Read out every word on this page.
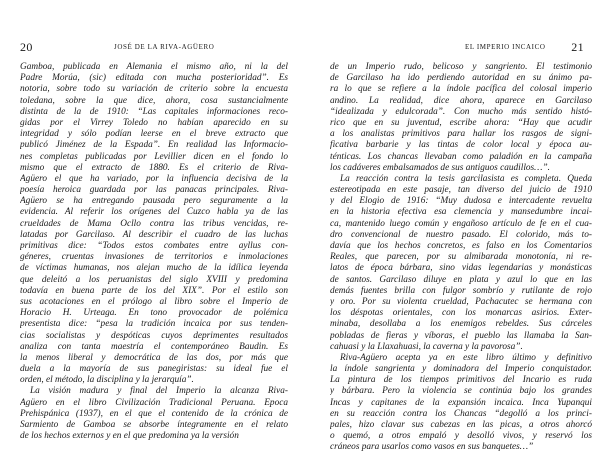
20	JOSÉ DE LA RIVA-AGÜERO
Gamboa, publicada en Alemania el mismo año, ni la del
Padre Morúa, (sic) editada con mucha posterioridad”. Es
notoria, sobre todo su variación de criterio sobre la encuesta
toledana, sobre la que dice, ahora, cosa sustancialmente
distinta de la de 1910: “Las capitales informaciones reco-
gidas por el Virrey Toledo no habían aparecido en su
integridad y sólo podían leerse en el breve extracto que
publicó Jiménez de la Espada”. En realidad las Informacio-
nes completas publicadas por Levillier dicen en el fondo lo
mismo que el extracto de 1880. Es el criterio de Riva-
Agüero el que ha variado, por la influencia decisiva de la
poesía heroica guardada por las panacas principales. Riva-
Agüero se ha entregando pausada pero seguramente a la
evidencia. Al referir los orígenes del Cuzco habla ya de las
crueldades de Mama Ocllo contra las tribus vencidas, re-
latadas por Garcilaso. Al describir el cuadro de las luchas
primitivas dice: “Todos estos combates entre ayllus con-
géneres, cruentas invasiones de territorios e inmolaciones
de víctimas humanas, nos alejan mucho de la idílica leyenda
que deleitó a los peruanistas del siglo XVIII y predomina
todavía en buena parte de los del XIX”. Por el estilo son
sus acotaciones en el prólogo al libro sobre el Imperio de
Horacio H. Urteaga. En tono provocador de polémica
presentista dice: “pesa la tradición incaica por sus tenden-
cias socialistas y despóticas cuyos deprimentes resultados
analiza con tanta maestría el contemporáneo Baudin. Es
la menos liberal y democrática de las dos, por más que
duela a la mayoría de sus panegiristas: su ideal fue el
orden, el método, la disciplina y la jerarquía”.
La visión madura y final del Imperio la alcanza Riva-
Agüero en el libro Civilización Tradicional Peruana. Epoca
Prehispánica (1937), en el que el contenido de la crónica de
Sarmiento de Gamboa se absorbe íntegramente en el relato
de los hechos externos y en el que predomina ya la versión
EL IMPERIO INCAICO 21
de un Imperio rudo, belicoso y sangriento. El testimonio
de Garcilaso ha ido perdiendo autoridad en su ánimo pa-
ra lo que se refiere a la índole pacífica del colosal imperio
andino. La realidad, dice ahora, aparece en Garcilaso
“idealizada y edulcorada”. Con mucho más sentido histó-
rico que en su juventud, escribe ahora: “Hay que acudir
a los analistas primitivos para hallar los rasgos de signi-
ficativa barbarie y las tintas de color local y época au-
ténticas. Los chancas llevaban como paladión en la campaña
los cadáveres embalsamados de sus antiguos caudillos…”.
La reacción contra la tesis garcilasista es completa. Queda
estereotipada en este pasaje, tan diverso del juicio de 1910
y del Elogio de 1916: “Muy dudosa e intercadente revuelta
en la historia efectiva esa clemencia y mansedumbre incai-
ca, mantenido luego común y engañoso artículo de fe en el cua-
dro convencional de nuestro pasado. El colorido, más to-
davía que los hechos concretos, es falso en los Comentarios
Reales, que parecen, por su almibarada monotonía, ni re-
latos de época bárbara, sino vidas legendarias y monásticas
de santos. Garcilaso diluye en plata y azul lo que en las
demás fuentes brilla con fulgor sombrío y rutilante de rojo
y oro. Por su violenta crueldad, Pachacutec se hermana con
los déspotas orientales, con los monarcas asirios. Exter-
minaba, desollaba a los enemigos rebeldes. Sus cárceles
pobladas de fieras y víboras, el pueblo las llamaba la San-
cahuasi y la Llaxahuasi, la caverna y la pavorosa”.
Riva-Agüero acepta ya en este libro último y definitivo
la índole sangrienta y dominadora del Imperio conquistador.
La pintura de los tiempos primitivos del Incario es ruda
y bárbara. Pero la violencia se continúa bajo los grandes
Incas y capitanes de la expansión incaica. Inca Yupanqui
en su reacción contra los Chancas “degolló a los princi-
pales, hizo clavar sus cabezas en las picas, a otros ahorcó
o quemó, a otros empaló y desolló vivos, y reservó los
cráneos para usarlos como vasos en sus banquetes…”
